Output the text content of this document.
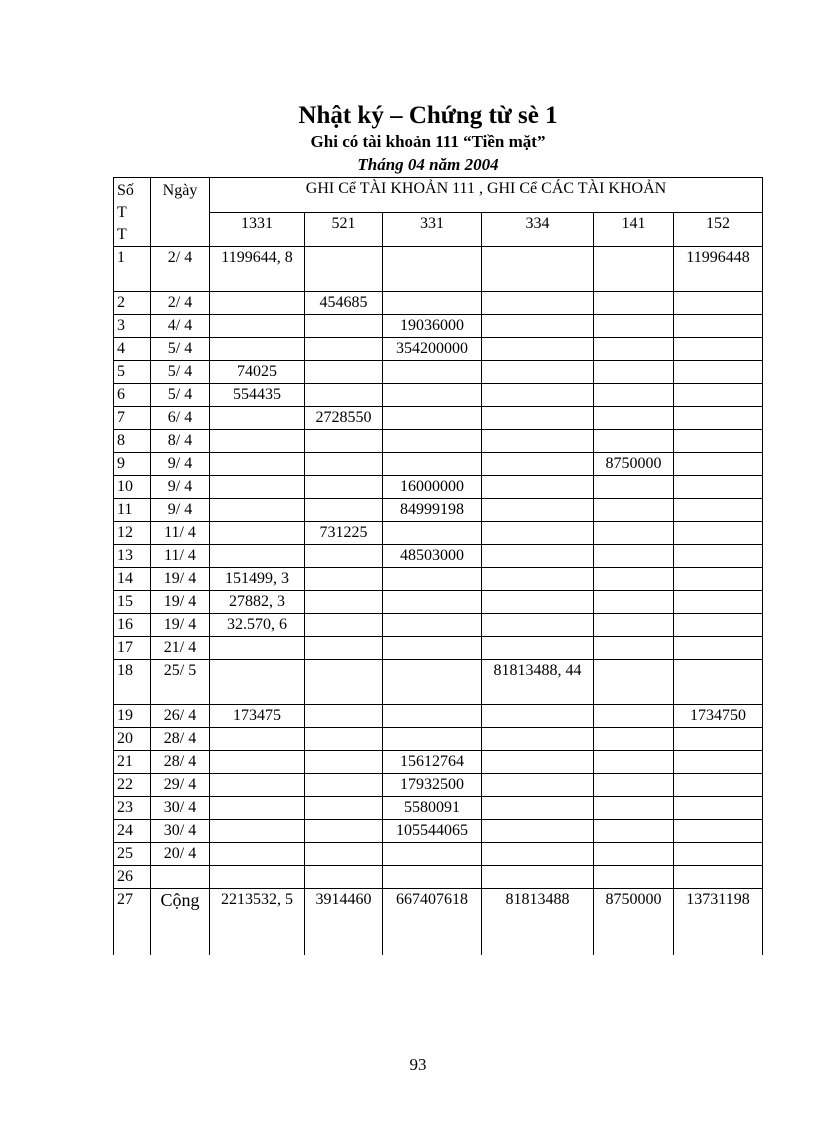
Nhật ký – Chứng từ sè 1
Ghi có tài khoản 111 “Tiền mặt”
Tháng 04 năm 2004
Số
T
T	Ngày	GHI Cể TÀI KHOẢN 111 , GHI Cể CÁC TÀI KHOẢN					
		1331	521	331	334	141	152
1	2/ 4	1199644, 8					11996448
2	2/ 4		454685				
3	4/ 4			19036000			
4	5/ 4			354200000			
5	5/ 4	74025					
6	5/ 4	554435					
7	6/ 4		2728550				
8	8/ 4						
9	9/ 4					8750000	
10	9/ 4			16000000			
11	9/ 4			84999198			
12	11/ 4		731225				
13	11/ 4			48503000			
14	19/ 4	151499, 3					
15	19/ 4	27882, 3					
16	19/ 4	32.570, 6					
17	21/ 4						
18	25/ 5				81813488, 44		
19	26/ 4	173475					1734750
20	28/ 4						
21	28/ 4			15612764			
22	29/ 4			17932500			
23	30/ 4			5580091			
24	30/ 4			105544065			
25	20/ 4						
26							
27	Cộng	2213532, 5	3914460	667407618	81813488	8750000	13731198
93
